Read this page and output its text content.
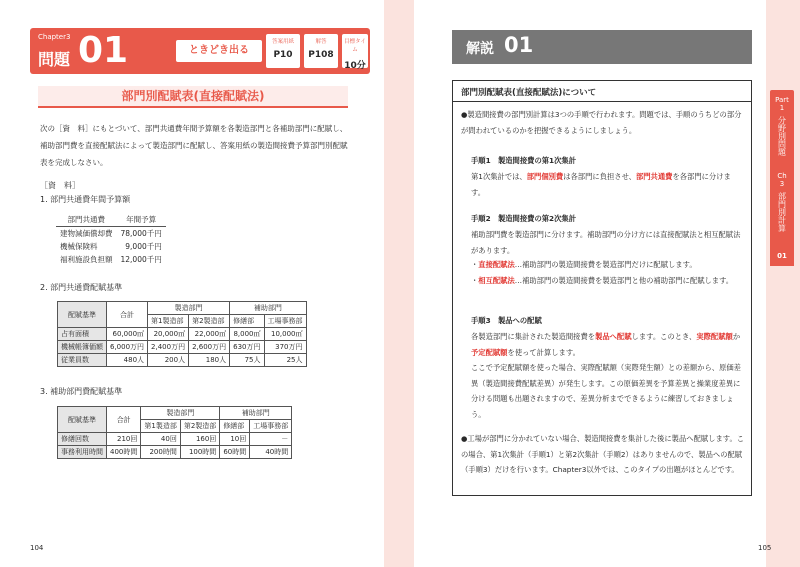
Chapter3
問題 01	ときどき出る
答案用紙
P10
解答
P108
目標タイム
10分
部門別配賦表(直接配賦法)
次の［資　料］にもとづいて、部門共通費年間予算額を各製造部門と各補助部門に配賦し、補助部門費を直接配賦法によって製造部門に配賦し、答案用紙の製造間接費予算部門別配賦表を完成しなさい。
［資　料］
1. 部門共通費年間予算額
部門共通費	年間予算
建物減価償却費	78,000千円
機械保険料	9,000千円
福利施設負担額	12,000千円
2. 部門共通費配賦基準
配賦基準	合計	製造部門		補助部門	
		第1製造部	第2製造部	修繕部	工場事務部
占有面積	60,000㎡	20,000㎡	22,000㎡	8,000㎡	10,000㎡
機械帳簿価額	6,000万円	2,400万円	2,600万円	630万円	370万円
従業員数	480人	200人	180人	75人	25人
3. 補助部門費配賦基準
配賦基準	合計	製造部門		補助部門	
		第1製造部	第2製造部	修繕部	工場事務部
修繕回数	210回	40回	160回	10回	－
事務利用時間	400時間	200時間	100時間	60時間	40時間
104
解説 01
部門別配賦表(直接配賦法)について
●製造間接費の部門別計算は3つの手順で行われます。問題では、手順のうちどの部分が問われているのかを把握できるようにしましょう。
手順1　製造間接費の第1次集計
第1次集計では、部門個別費は各部門に負担させ、部門共通費を各部門に分けます。
手順2　製造間接費の第2次集計
補助部門費を製造部門に分けます。補助部門の分け方には直接配賦法と相互配賦法があります。
・直接配賦法…補助部門の製造間接費を製造部門だけに配賦します。
・相互配賦法…補助部門の製造間接費を製造部門と他の補助部門に配賦します。
手順3　製品への配賦
各製造部門に集計された製造間接費を製品へ配賦します。このとき、実際配賦額か予定配賦額を使って計算します。
ここで予定配賦額を使った場合、実際配賦額（実際発生額）との差額から、原価差異（製造間接費配賦差異）が発生します。この原価差異を予算差異と操業度差異に分ける問題も出題されますので、差異分析までできるように練習しておきましょう。
●工場が部門に分かれていない場合、製造間接費を集計した後に製品へ配賦します。この場合、第1次集計（手順1）と第2次集計（手順2）はありませんので、製品への配賦（手順3）だけを行います。Chapter3以外では、このタイプの出題がほとんどです。
Part
1
分野別問題
Ch
3
部門別計算
01
105
